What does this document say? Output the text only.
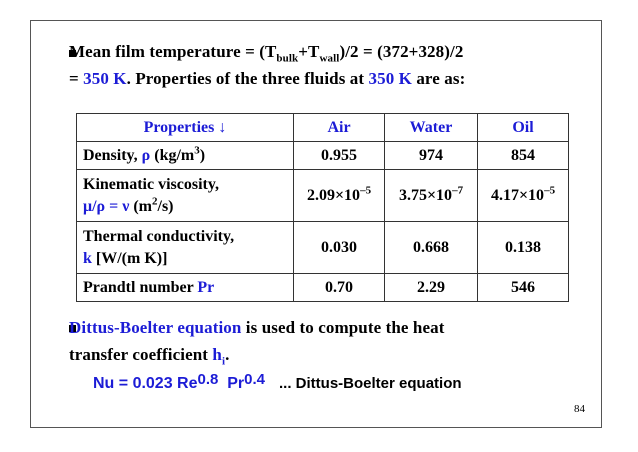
Mean film temperature = $(T_{bulk}+T_{wall})/2 = (372+328)/2$
= 350 K. Properties of the three fluids at 350 K are as:
Properties ↓	Air	Water	Oil
Density, ρ $(kg/m^3)$	0.955	974	854
Kinematic viscosity,
μ/ρ = ν $(m^2/s)$	$2.09\times 10^{-5}$	$3.75\times 10^{-7}$	$4.17\times 10^{-5}$
Thermal conductivity,
k [W/(m K)]	0.030	0.668	0.138
Prandtl number Pr	0.70	2.29	546
Dittus-Boelter equation is used to compute the heat
transfer coefficient $h_i$.
Nu = 0.023 $Re^{0.8}$ $Pr^{0.4}$ ... Dittus-Boelter equation
84
